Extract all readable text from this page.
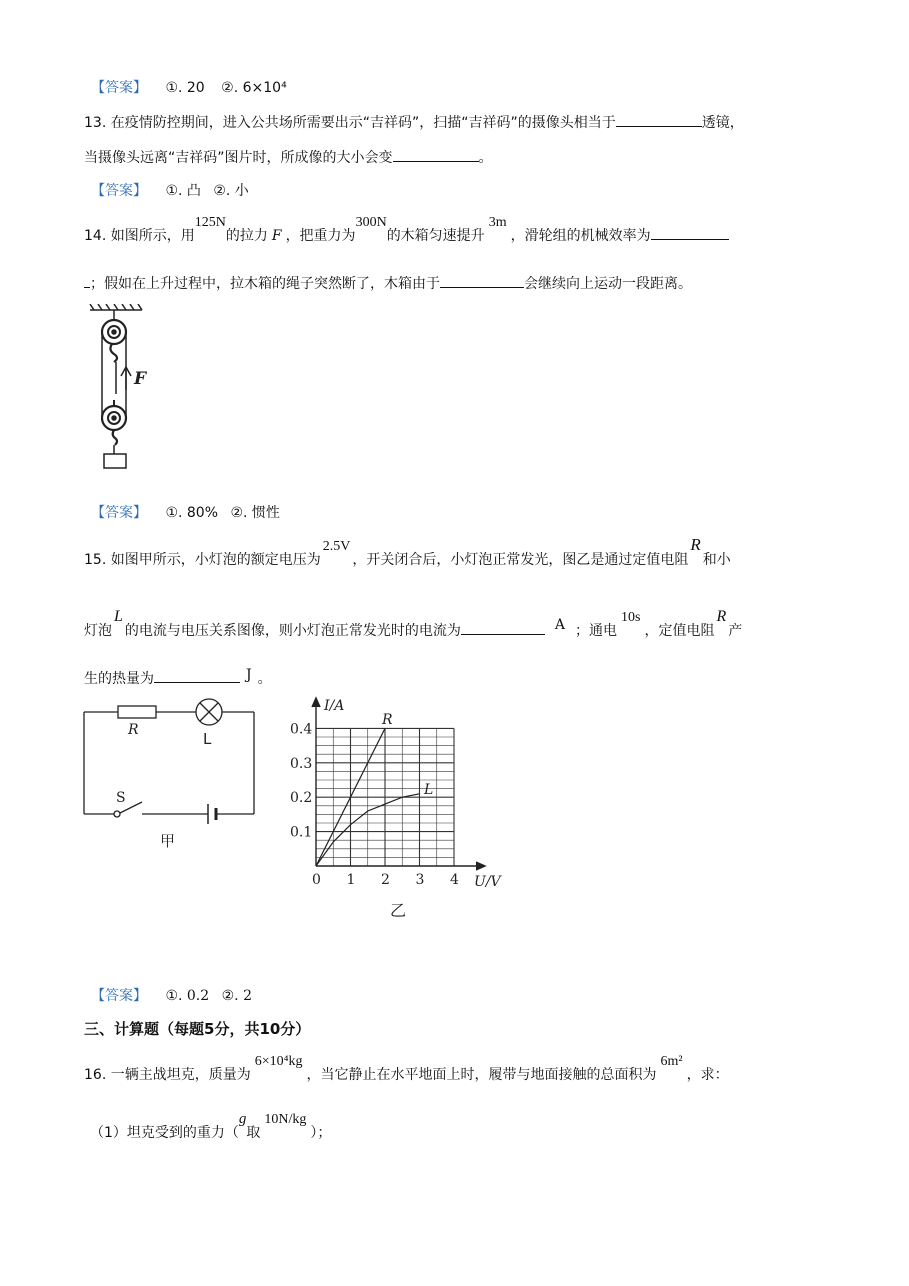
【答案】 ①. 20 ②. 6×10⁴
13. 在疫情防控期间，进入公共场所需要出示“吉祥码”，扫描“吉祥码”的摄像头相当于	透镜，
当摄像头远离“吉祥码”图片时，所成像的大小会变	。
【答案】 ①. 凸 ②. 小
14. 如图所示，用125N的拉力 F ，把重力为300N的木箱匀速提升3m，滑轮组的机械效率为
；假如在上升过程中，拉木箱的绳子突然断了，木箱由于	会继续向上运动一段距离。
F
【答案】 ①. 80% ②. 惯性
15. 如图甲所示，小灯泡的额定电压为2.5V，开关闭合后，小灯泡正常发光，图乙是通过定值电阻R和小
灯泡L的电流与电压关系图像，则小灯泡正常发光时的电流为	A ；通电10s，定值电阻R产
生的热量为	J 。
R	L
S
甲
0.4
0.3
0.2
0.1
0 1 2 3 4
I/A
U/V
R
L
乙
【答案】 ①. 0.2 ②. 2
三、计算题（每题5分，共10分）
16. 一辆主战坦克，质量为6×10⁴kg，当它静止在水平地面上时，履带与地面接触的总面积为6m²，求：
（1）坦克受到的重力（g取10N/kg）；
